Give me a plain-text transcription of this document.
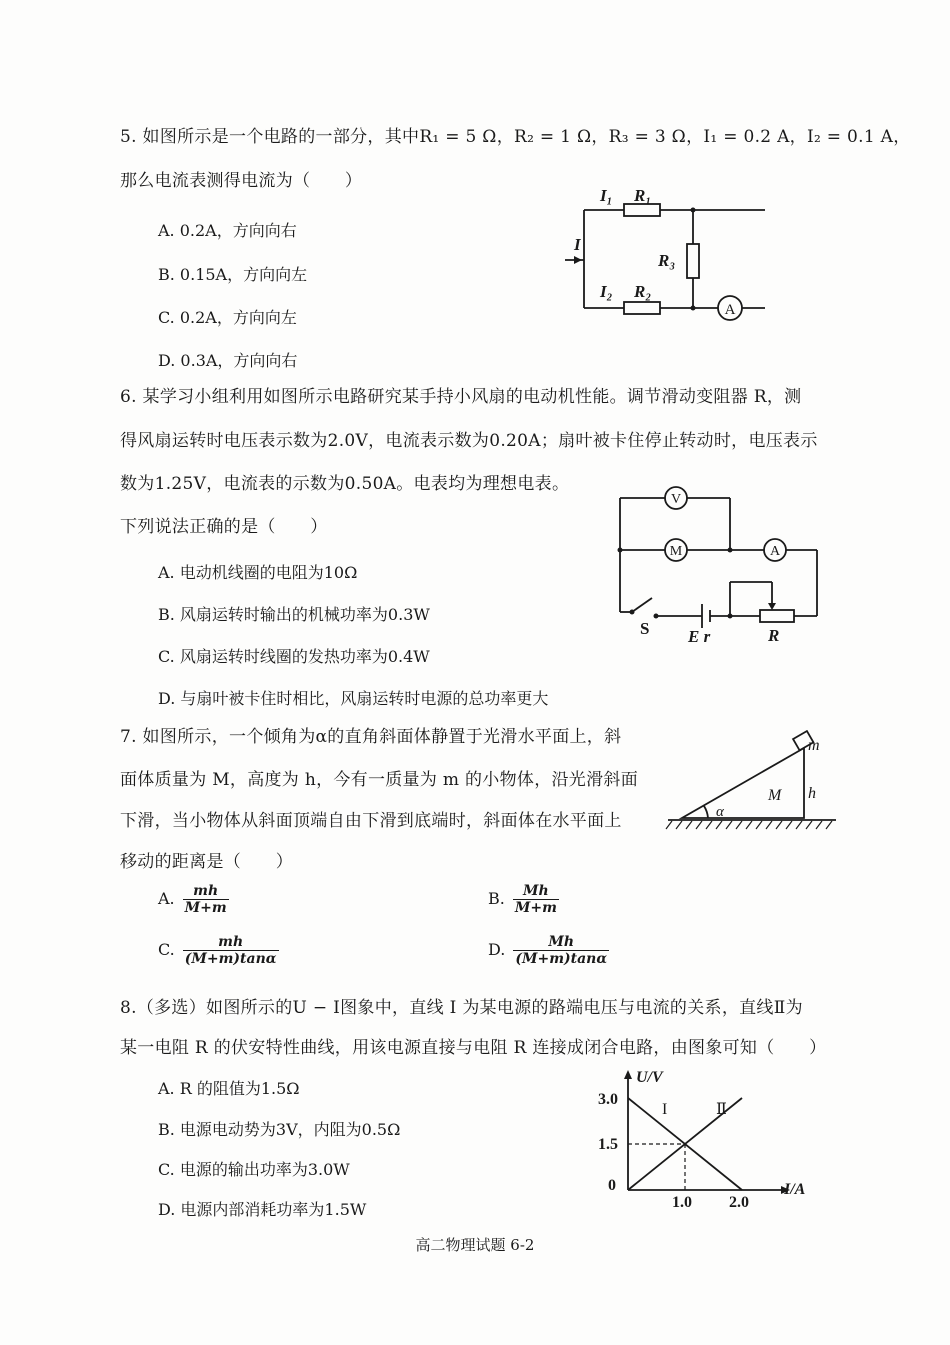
5. 如图所示是一个电路的一部分，其中R₁ = 5 Ω，R₂ = 1 Ω，R₃ = 3 Ω，I₁ = 0.2 A，I₂ = 0.1 A，
那么电流表测得电流为（　　）
A. 0.2A，方向向右
B. 0.15A，方向向左
C. 0.2A，方向向左
D. 0.3A，方向向右
I₁ R₁
I
R₃
I₂ R₂
A
6. 某学习小组利用如图所示电路研究某手持小风扇的电动机性能。调节滑动变阻器 R，测
得风扇运转时电压表示数为2.0V，电流表示数为0.20A；扇叶被卡住停止转动时，电压表示
数为1.25V，电流表的示数为0.50A。电表均为理想电表。
下列说法正确的是（　　）
A. 电动机线圈的电阻为10Ω
B. 风扇运转时输出的机械功率为0.3W
C. 风扇运转时线圈的发热功率为0.4W
D. 与扇叶被卡住时相比，风扇运转时电源的总功率更大
V
M	A
S E r	R
7. 如图所示，一个倾角为α的直角斜面体静置于光滑水平面上，斜
面体质量为 M，高度为 h，今有一质量为 m 的小物体，沿光滑斜面
下滑，当小物体从斜面顶端自由下滑到底端时，斜面体在水平面上
移动的距离是（　　）
A. $\frac{mh}{M+m}$	B. $\frac{Mh}{M+m}$
C. $\frac{mh}{(M+m)\tan\alpha}$	D. $\frac{Mh}{(M+m)\tan\alpha}$
m
M h
α
8.（多选）如图所示的U − I图象中，直线 I 为某电源的路端电压与电流的关系，直线Ⅱ为
某一电阻 R 的伏安特性曲线，用该电源直接与电阻 R 连接成闭合电路，由图象可知（　　）
A. R 的阻值为1.5Ω
B. 电源电动势为3V，内阻为0.5Ω
C. 电源的输出功率为3.0W
D. 电源内部消耗功率为1.5W
U/V
I/A
3.0
1.5
0
1.0 2.0
I	Ⅱ
高二物理试题 6-2
